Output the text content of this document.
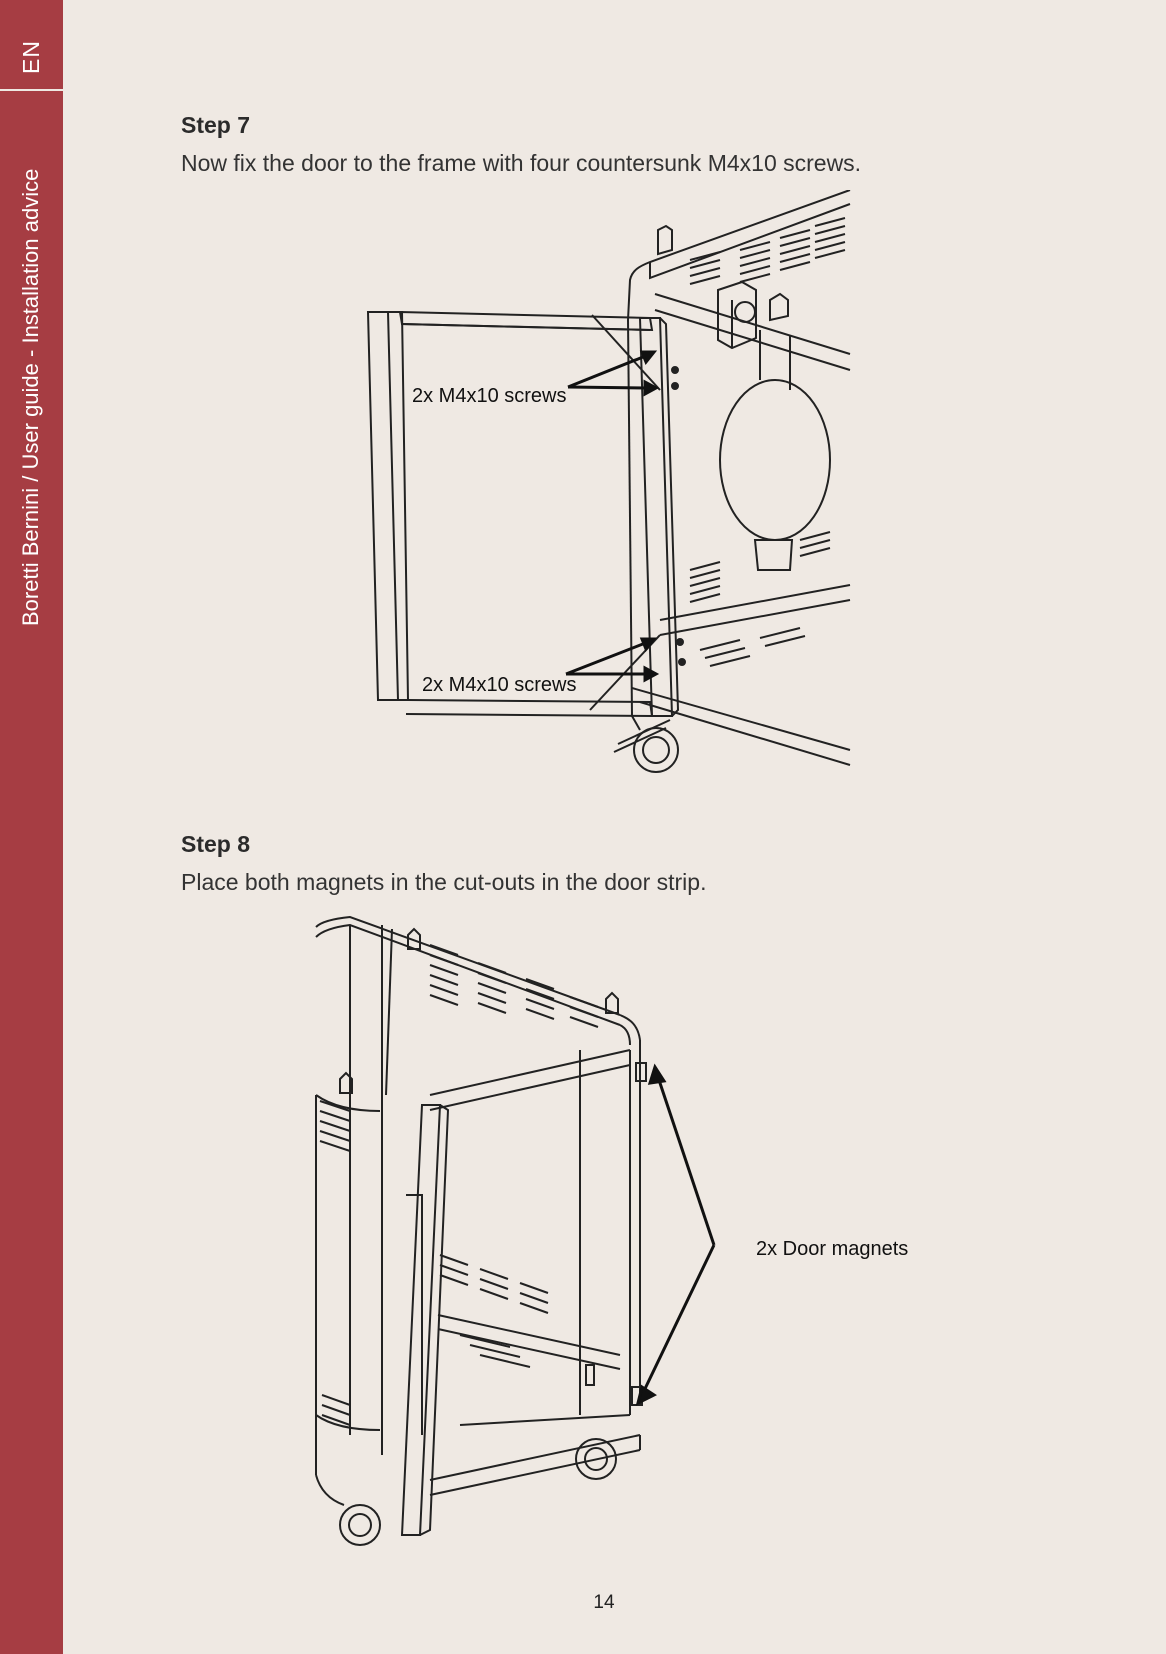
EN
Boretti Bernini / User guide - Installation advice
Step 7
Now fix the door to the frame with four countersunk M4x10 screws.
2x M4x10 screws
2x M4x10 screws
Step 8
Place both magnets in the cut-outs in the door strip.
2x Door magnets
14
